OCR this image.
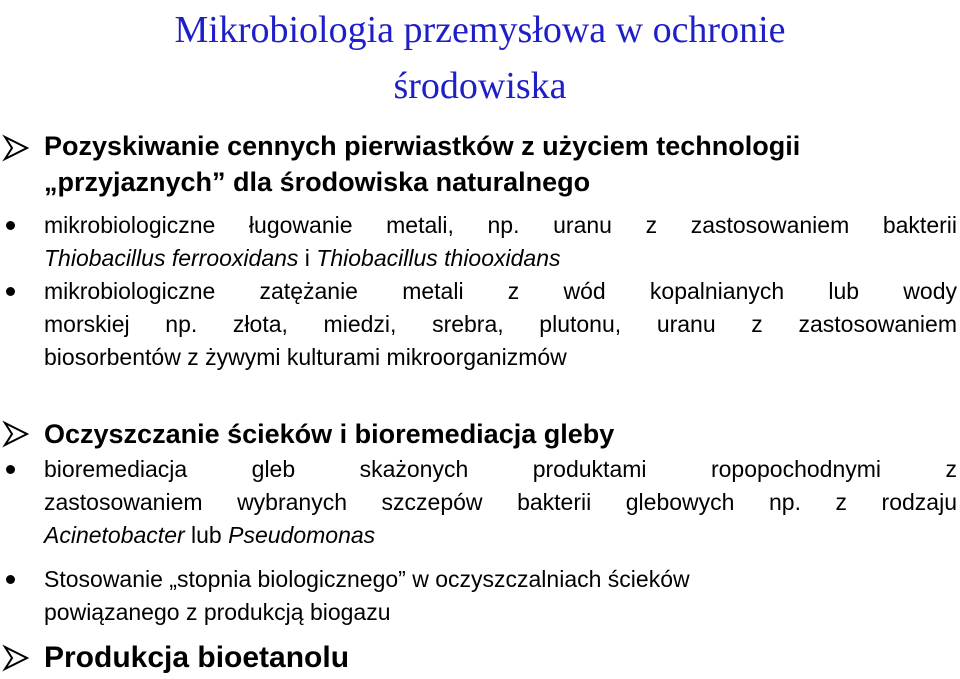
Mikrobiologia przemysłowa w ochronie
środowiska
Pozyskiwanie cennych pierwiastków z użyciem technologii
„przyjaznych” dla środowiska naturalnego
mikrobiologiczne ługowanie metali, np. uranu z zastosowaniem bakterii
Thiobacillus ferrooxidans i Thiobacillus thiooxidans
mikrobiologiczne zatężanie metali z wód kopalnianych lub wody
morskiej np. złota, miedzi, srebra, plutonu, uranu z zastosowaniem
biosorbentów z żywymi kulturami mikroorganizmów
Oczyszczanie ścieków i bioremediacja gleby
bioremediacja gleb skażonych produktami ropopochodnymi z
zastosowaniem wybranych szczepów bakterii glebowych np. z rodzaju
Acinetobacter lub Pseudomonas
Stosowanie „stopnia biologicznego” w oczyszczalniach ścieków
powiązanego z produkcją biogazu
Produkcja bioetanolu
